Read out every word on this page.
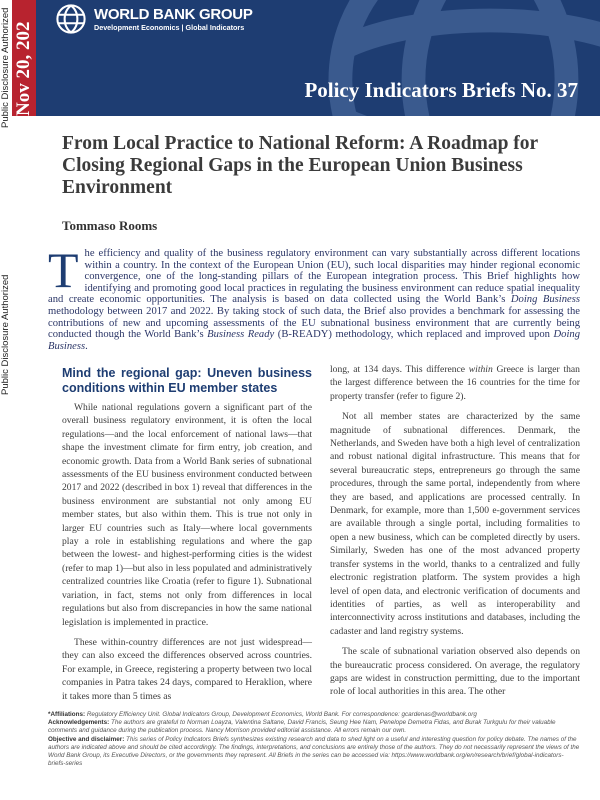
Public Disclosure Authorized
Public Disclosure Authorized
Nov 20, 202
WORLD BANK GROUP
Development Economics | Global Indicators
Policy Indicators Briefs No. 37
From Local Practice to National Reform: A Roadmap for Closing Regional Gaps in the European Union Business Environment
Tommaso Rooms
The efficiency and quality of the business regulatory environment can vary substantially across different locations within a country. In the context of the European Union (EU), such local disparities may hinder regional economic convergence, one of the long-standing pillars of the European integration process. This Brief highlights how identifying and promoting good local practices in regulating the business environment can reduce spatial inequality and create economic opportunities. The analysis is based on data collected using the World Bank’s Doing Business methodology between 2017 and 2022. By taking stock of such data, the Brief also provides a benchmark for assessing the contributions of new and upcoming assessments of the EU subnational business environment that are currently being conducted though the World Bank’s Business Ready (B-READY) methodology, which replaced and improved upon Doing Business.
Mind the regional gap: Uneven business conditions within EU member states

While national regulations govern a significant part of the overall business regulatory environment, it is often the local regulations—and the local enforcement of national laws—that shape the investment climate for firm entry, job creation, and economic growth. Data from a World Bank series of subnational assessments of the EU business environment conducted between 2017 and 2022 (described in box 1) reveal that differences in the business environment are substantial not only among EU member states, but also within them. This is true not only in larger EU countries such as Italy—where local governments play a role in establishing regulations and where the gap between the lowest- and highest-performing cities is the widest (refer to map 1)—but also in less populated and administratively centralized countries like Croatia (refer to figure 1). Subnational variation, in fact, stems not only from differences in local regulations but also from discrepancies in how the same national legislation is implemented in practice.

These within-country differences are not just widespread—they can also exceed the differences observed across countries. For example, in Greece, registering a property between two local companies in Patra takes 24 days, compared to Heraklion, where it takes more than 5 times as

long, at 134 days. This difference within Greece is larger than the largest difference between the 16 countries for the time for property transfer (refer to figure 2).

Not all member states are characterized by the same magnitude of subnational differences. Denmark, the Netherlands, and Sweden have both a high level of centralization and robust national digital infrastructure. This means that for several bureaucratic steps, entrepreneurs go through the same procedures, through the same portal, independently from where they are based, and applications are processed centrally. In Denmark, for example, more than 1,500 e-government services are available through a single portal, including formalities to open a new business, which can be completed directly by users. Similarly, Sweden has one of the most advanced property transfer systems in the world, thanks to a centralized and fully electronic registration platform. The system provides a high level of open data, and electronic verification of documents and identities of parties, as well as interoperability and interconnectivity across institutions and databases, including the cadaster and land registry systems.

The scale of subnational variation observed also depends on the bureaucratic process considered. On average, the regulatory gaps are widest in construction permitting, due to the important role of local authorities in this area. The other

*Affiliations: Regulatory Efficiency Unit. Global Indicators Group, Development Economics, World Bank. For correspondence: gcardenas@worldbank.org
Acknowledgements: The authors are grateful to Norman Loayza, Valentina Saltane, David Francis, Seung Hee Nam, Penelope Demetra Fidas, and Burak Turkgulu for their valuable comments and guidance during the publication process. Nancy Morrison provided editorial assistance. All errors remain our own.
Objective and disclaimer: This series of Policy Indicators Briefs synthesizes existing research and data to shed light on a useful and interesting question for policy debate. The names of the authors are indicated above and should be cited accordingly. The findings, interpretations, and conclusions are entirely those of the authors. They do not necessarily represent the views of the World Bank Group, its Executive Directors, or the governments they represent. All Briefs in the series can be accessed via: https://www.worldbank.org/en/research/brief/global-indicators-briefs-series
